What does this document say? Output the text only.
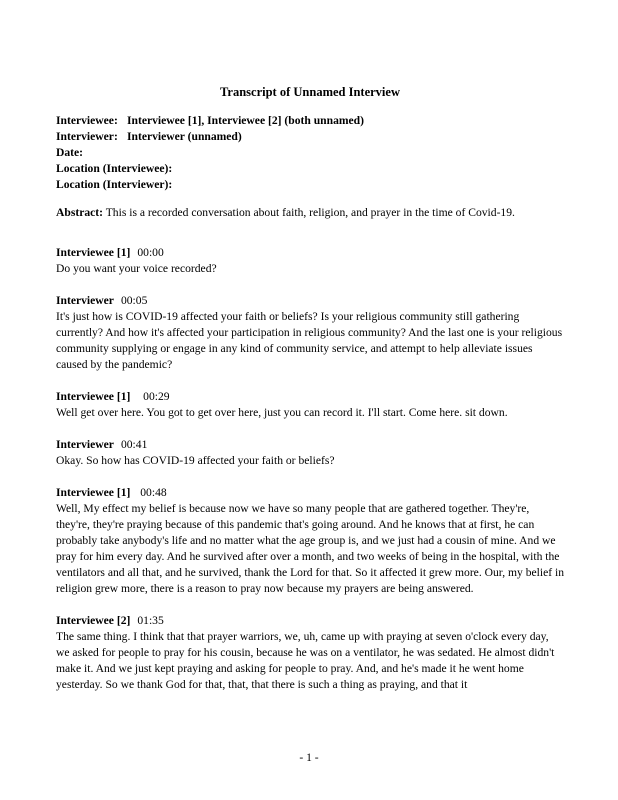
Transcript of Unnamed Interview
Interviewee: Interviewee [1], Interviewee [2] (both unnamed)
Interviewer: Interviewer (unnamed)
Date:
Location (Interviewee):
Location (Interviewer):

Abstract: This is a recorded conversation about faith, religion, and prayer in the time of Covid-19.

Interviewee [1] 00:00

Do you want your voice recorded?

Interviewer 00:05

It's just how is COVID-19 affected your faith or beliefs? Is your religious community still gathering currently? And how it's affected your participation in religious community? And the last one is your religious community supplying or engage in any kind of community service, and attempt to help alleviate issues caused by the pandemic?

Interviewee [1]  00:29

Well get over here. You got to get over here, just you can record it. I'll start. Come here. sit down.

Interviewer 00:41

Okay. So how has COVID-19 affected your faith or beliefs?

Interviewee [1] 00:48

Well, My effect my belief is because now we have so many people that are gathered together. They're, they're, they're praying because of this pandemic that's going around. And he knows that at first, he can probably take anybody's life and no matter what the age group is, and we just had a cousin of mine. And we pray for him every day. And he survived after over a month, and two weeks of being in the hospital, with the ventilators and all that, and he survived, thank the Lord for that. So it affected it grew more. Our, my belief in religion grew more, there is a reason to pray now because my prayers are being answered.

Interviewee [2] 01:35

The same thing. I think that that prayer warriors, we, uh, came up with praying at seven o'clock every day, we asked for people to pray for his cousin, because he was on a ventilator, he was sedated. He almost didn't make it. And we just kept praying and asking for people to pray. And, and he's made it he went home yesterday. So we thank God for that, that, that there is such a thing as praying, and that it

- 1 -
